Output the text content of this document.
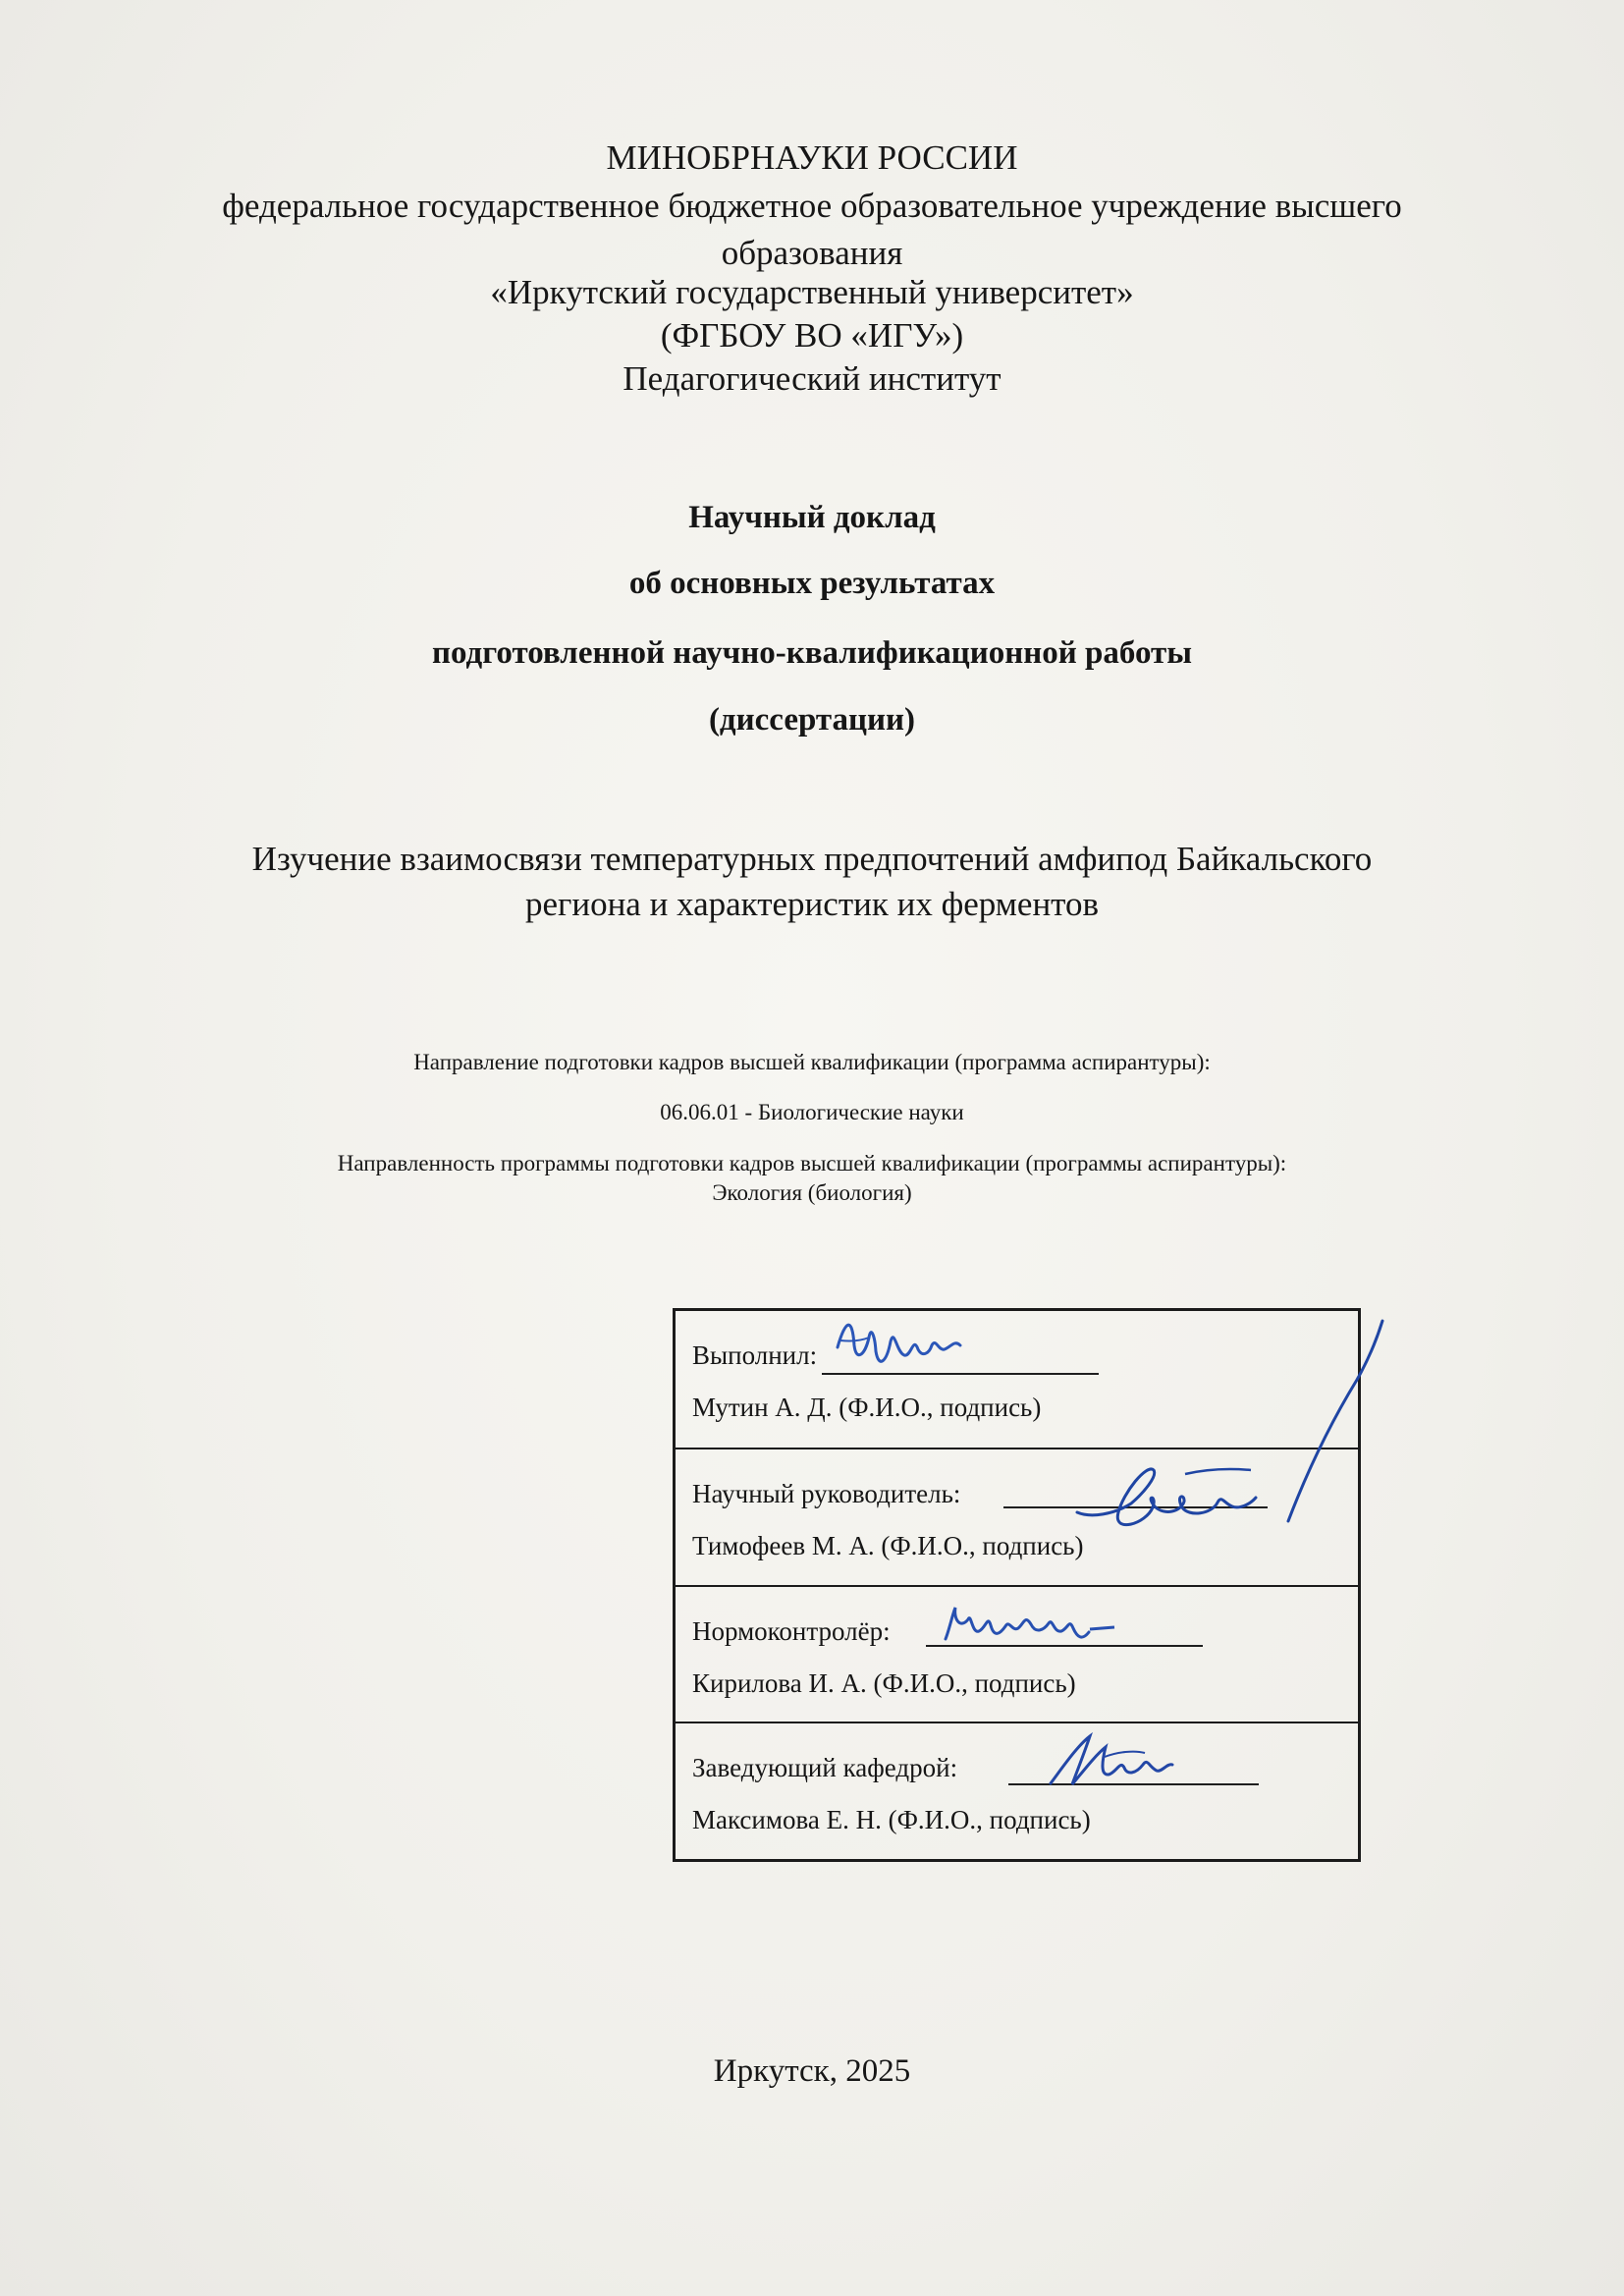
МИНОБРНАУКИ РОССИИ
федеральное государственное бюджетное образовательное учреждение высшего
образования
«Иркутский государственный университет»
(ФГБОУ ВО «ИГУ»)
Педагогический институт
Научный доклад
об основных результатах
подготовленной научно-квалификационной работы
(диссертации)
Изучение взаимосвязи температурных предпочтений амфипод Байкальского
региона и характеристик их ферментов
Направление подготовки кадров высшей квалификации (программа аспирантуры):
06.06.01 - Биологические науки
Направленность программы подготовки кадров высшей квалификации (программы аспирантуры):
Экология (биология)
Выполнил:
Мутин А. Д. (Ф.И.О., подпись)
Научный руководитель:
Тимофеев М. А. (Ф.И.О., подпись)
Нормоконтролёр:
Кирилова И. А. (Ф.И.О., подпись)
Заведующий кафедрой:
Максимова Е. Н. (Ф.И.О., подпись)
Иркутск, 2025
